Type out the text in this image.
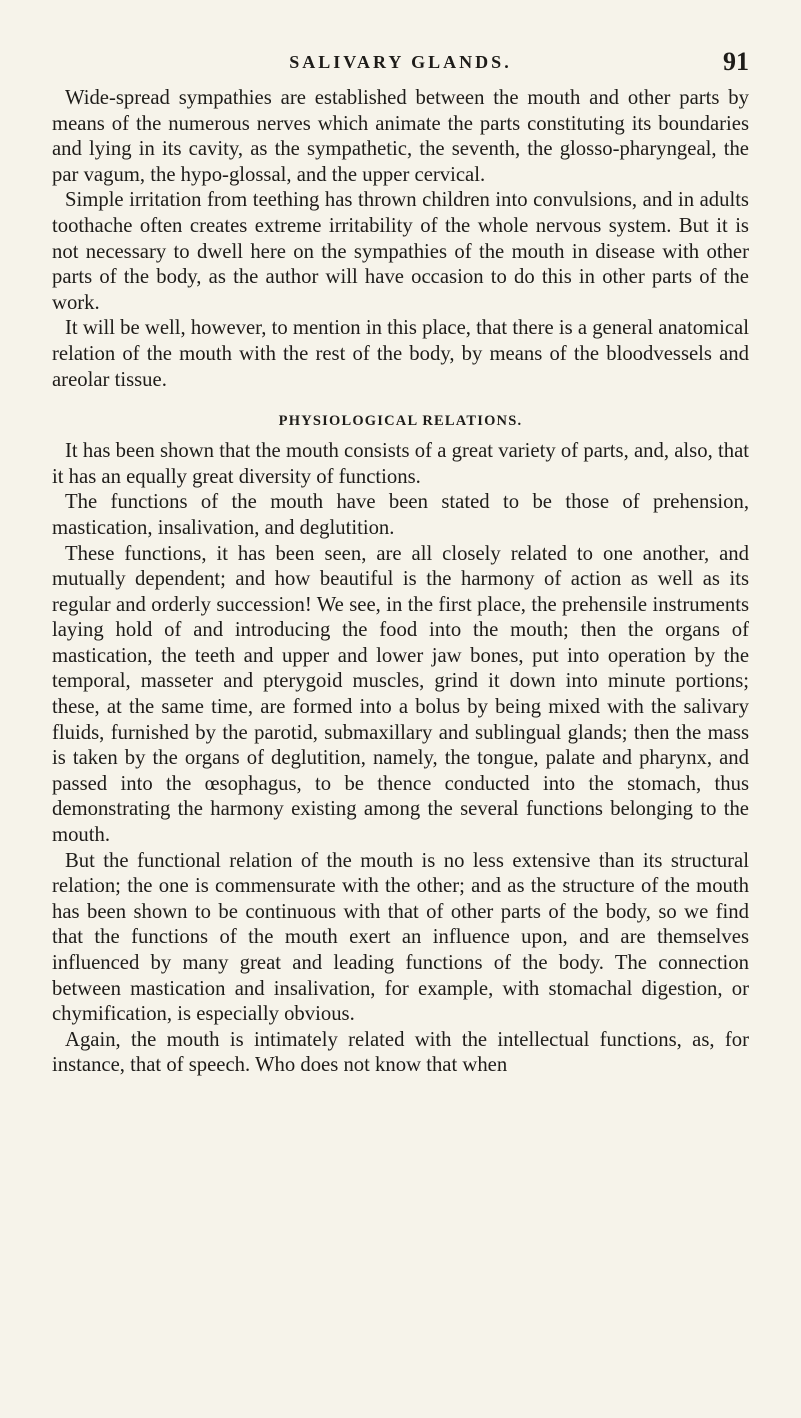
SALIVARY GLANDS.	91

Wide-spread sympathies are established between the mouth and other parts by means of the numerous nerves which animate the parts constituting its boundaries and lying in its cavity, as the sympathetic, the seventh, the glosso-pharyngeal, the par vagum, the hypo-glossal, and the upper cervical.

Simple irritation from teething has thrown children into convulsions, and in adults toothache often creates extreme irritability of the whole nervous system. But it is not necessary to dwell here on the sympathies of the mouth in disease with other parts of the body, as the author will have occasion to do this in other parts of the work.

It will be well, however, to mention in this place, that there is a general anatomical relation of the mouth with the rest of the body, by means of the bloodvessels and areolar tissue.

PHYSIOLOGICAL RELATIONS.

It has been shown that the mouth consists of a great variety of parts, and, also, that it has an equally great diversity of functions.

The functions of the mouth have been stated to be those of prehension, mastication, insalivation, and deglutition.

These functions, it has been seen, are all closely related to one another, and mutually dependent; and how beautiful is the harmony of action as well as its regular and orderly succession! We see, in the first place, the prehensile instruments laying hold of and introducing the food into the mouth; then the organs of mastication, the teeth and upper and lower jaw bones, put into operation by the temporal, masseter and pterygoid muscles, grind it down into minute portions; these, at the same time, are formed into a bolus by being mixed with the salivary fluids, furnished by the parotid, submaxillary and sublingual glands; then the mass is taken by the organs of deglutition, namely, the tongue, palate and pharynx, and passed into the œsophagus, to be thence conducted into the stomach, thus demonstrating the harmony existing among the several functions belonging to the mouth.

But the functional relation of the mouth is no less extensive than its structural relation; the one is commensurate with the other; and as the structure of the mouth has been shown to be continuous with that of other parts of the body, so we find that the functions of the mouth exert an influence upon, and are themselves influenced by many great and leading functions of the body. The connection between mastication and insalivation, for example, with stomachal digestion, or chymification, is especially obvious.

Again, the mouth is intimately related with the intellectual functions, as, for instance, that of speech. Who does not know that when
